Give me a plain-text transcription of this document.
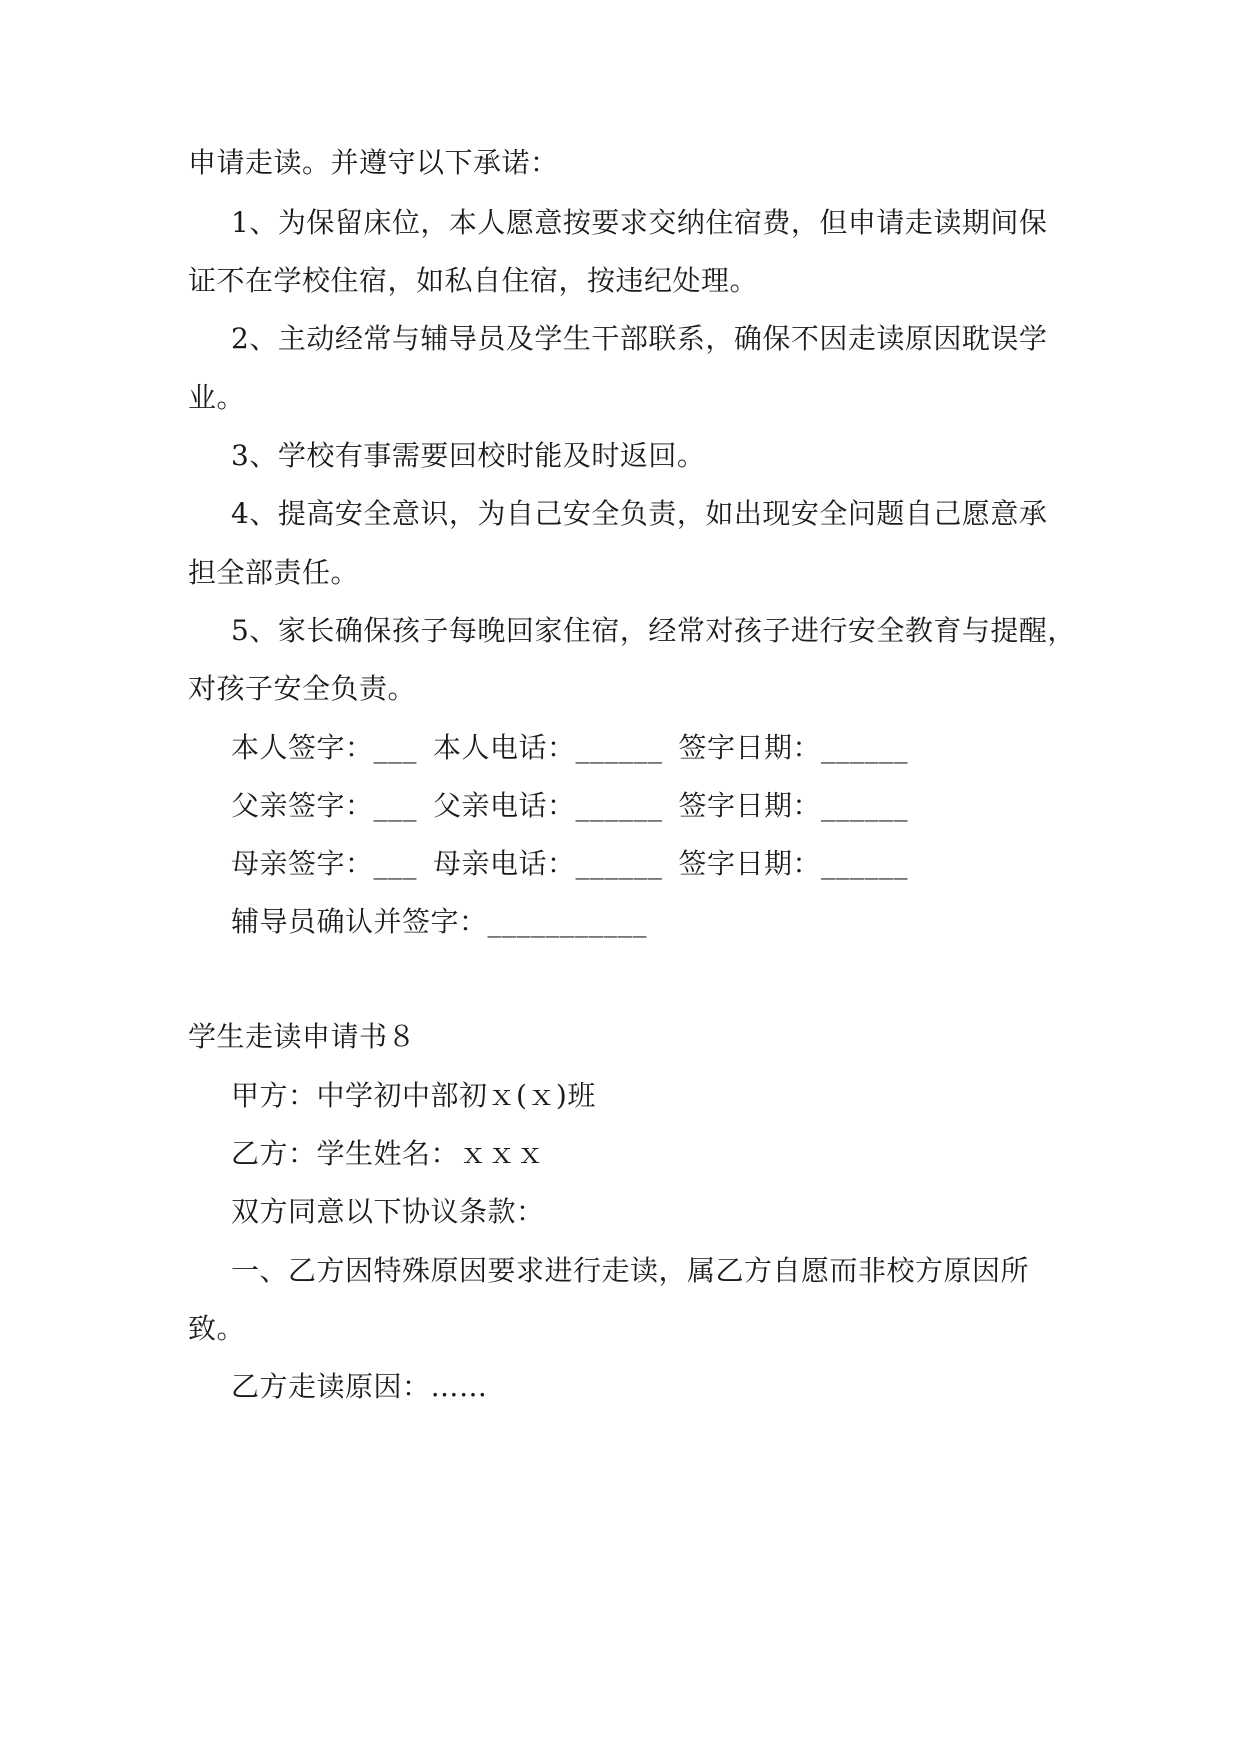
申请走读。并遵守以下承诺：
1、为保留床位，本人愿意按要求交纳住宿费，但申请走读期间保
证不在学校住宿，如私自住宿，按违纪处理。
2、主动经常与辅导员及学生干部联系，确保不因走读原因耽误学
业。
3、学校有事需要回校时能及时返回。
4、提高安全意识，为自己安全负责，如出现安全问题自己愿意承
担全部责任。
5、家长确保孩子每晚回家住宿，经常对孩子进行安全教育与提醒，
对孩子安全负责。
本人签字：___ 本人电话：______ 签字日期：______
父亲签字：___ 父亲电话：______ 签字日期：______
母亲签字：___ 母亲电话：______ 签字日期：______
辅导员确认并签字：___________
学生走读申请书８
甲方：中学初中部初ｘ(ｘ)班
乙方：学生姓名：ｘｘｘ
双方同意以下协议条款：
一、乙方因特殊原因要求进行走读，属乙方自愿而非校方原因所
致。
乙方走读原因：……
